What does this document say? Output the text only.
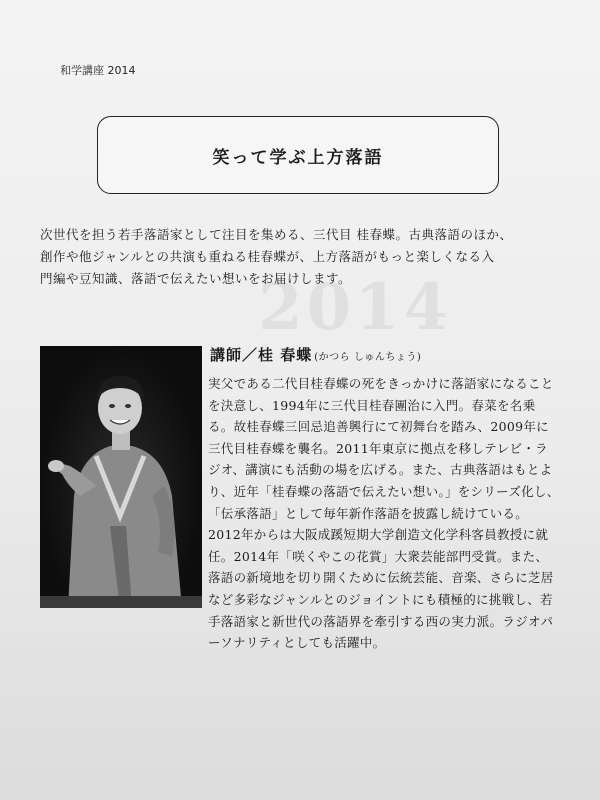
和学講座 2014
笑って学ぶ上方落語

次世代を担う若手落語家として注目を集める、三代目 桂春蝶。古典落語のほか、

創作や他ジャンルとの共演も重ねる桂春蝶が、上方落語がもっと楽しくなる入

門編や豆知識、落語で伝えたい想いをお届けします。

2014
講師／桂 春蝶 (かつら しゅんちょう)
実父である二代目桂春蝶の死をきっかけに落語家になることを決意し、1994年に三代目桂春團治に入門。春菜を名乗る。故桂春蝶三回忌追善興行にて初舞台を踏み、2009年に三代目桂春蝶を襲名。2011年東京に拠点を移しテレビ・ラジオ、講演にも活動の場を広げる。また、古典落語はもとより、近年「桂春蝶の落語で伝えたい想い。」をシリーズ化し、「伝承落語」として毎年新作落語を披露し続けている。2012年からは大阪成蹊短期大学創造文化学科客員教授に就任。2014年「咲くやこの花賞」大衆芸能部門受賞。また、落語の新境地を切り開くために伝統芸能、音楽、さらに芝居など多彩なジャンルとのジョイントにも積極的に挑戦し、若手落語家と新世代の落語界を牽引する西の実力派。ラジオパーソナリティとしても活躍中。
